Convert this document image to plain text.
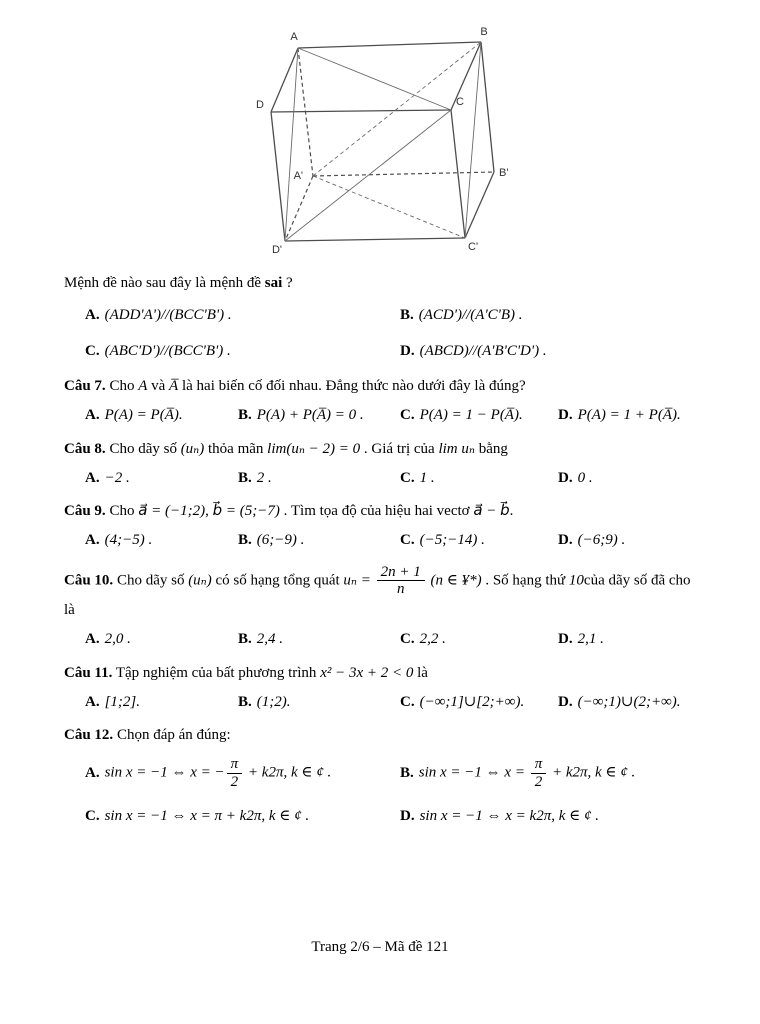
A	B
C
D
A'	B'
C'
D'
Mệnh đề nào sau đây là mệnh đề sai ?
A. (ADD'A')//(BCC'B') .	B. (ACD')//(A'C'B) .
C. (ABC'D')//(BCC'B') .	D. (ABCD)//(A'B'C'D') .
Câu 7. Cho A và A̅ là hai biến cố đối nhau. Đẳng thức nào dưới đây là đúng?
A. P(A) = P(A̅).	B. P(A) + P(A̅) = 0 .	C. P(A) = 1 − P(A̅).	D. P(A) = 1 + P(A̅).
Câu 8. Cho dãy số (uₙ) thỏa mãn lim(uₙ − 2) = 0 . Giá trị của lim uₙ bằng
A. −2 .	B. 2 .	C. 1 .	D. 0 .
Câu 9. Cho a⃗ = (−1;2), b⃗ = (5;−7) . Tìm tọa độ của hiệu hai vectơ a⃗ − b⃗.
A. (4;−5) .	B. (6;−9) .	C. (−5;−14) .	D. (−6;9) .
Câu 10. Cho dãy số (uₙ) có số hạng tổng quát $u_n = \frac{2n + 1}{n} (n$ ∈ ¥*) . Số hạng thứ 10của dãy số đã cho là
A. 2,0 .	B. 2,4 .	C. 2,2 .	D. 2,1 .
Câu 11. Tập nghiệm của bất phương trình x² − 3x + 2 < 0 là
A. [1;2].	B. (1;2).	C. (−∞;1]∪[2;+∞).	D. (−∞;1)∪(2;+∞).
Câu 12. Chọn đáp án đúng:
A. sin x = −1 ⇔ x = − $\frac{\pi}{2} + k2\pi$, k ∈ ¢ .	B. sin x = −1 ⇔ $x = \frac{\pi}{2} + k2\pi$, k ∈ ¢ .
C. sin x = −1 ⇔ x = π + k2π, k ∈ ¢ .	D. sin x = −1 ⇔ x = k2π, k ∈ ¢ .
Trang 2/6 – Mã đề 121
